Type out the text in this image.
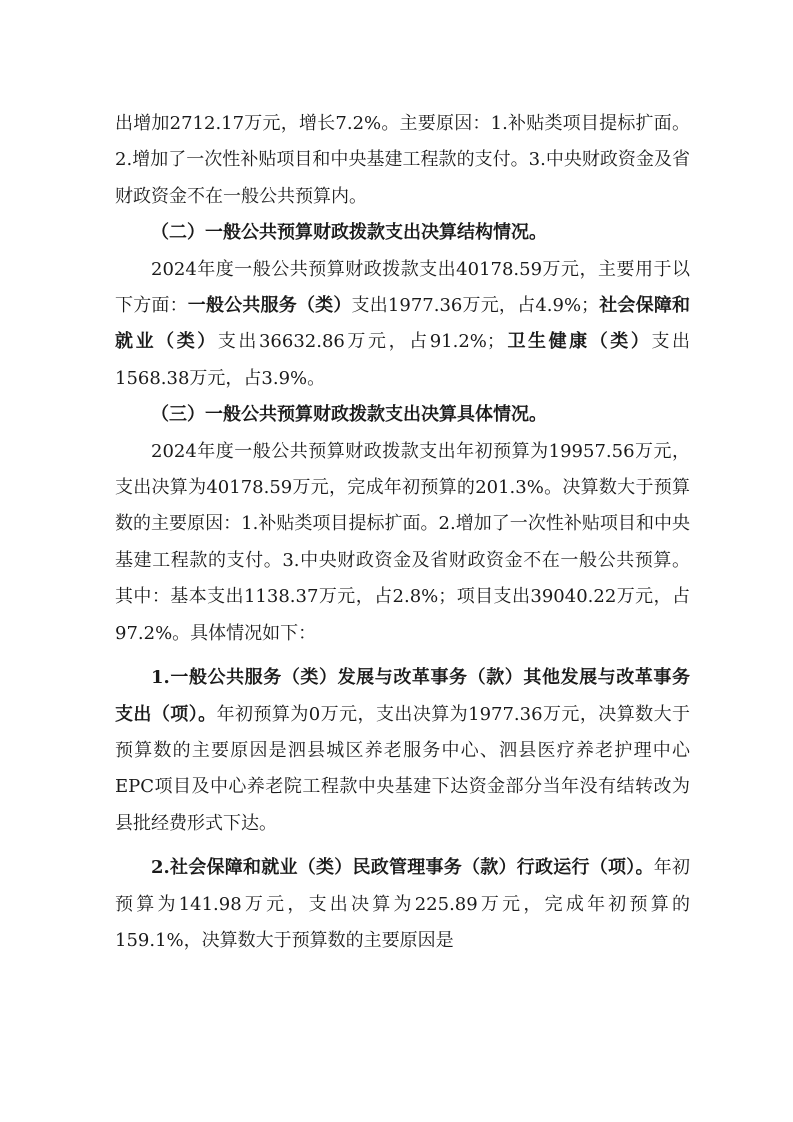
出增加2712.17万元，增长7.2%。主要原因：1.补贴类项目提标扩面。2.增加了一次性补贴项目和中央基建工程款的支付。3.中央财政资金及省财政资金不在一般公共预算内。

（二）一般公共预算财政拨款支出决算结构情况。

2024年度一般公共预算财政拨款支出40178.59万元，主要用于以下方面：一般公共服务（类）支出1977.36万元，占4.9%；社会保障和就业（类）支出36632.86万元，占91.2%；卫生健康（类）支出1568.38万元，占3.9%。

（三）一般公共预算财政拨款支出决算具体情况。

2024年度一般公共预算财政拨款支出年初预算为19957.56万元，支出决算为40178.59万元，完成年初预算的201.3%。决算数大于预算数的主要原因：1.补贴类项目提标扩面。2.增加了一次性补贴项目和中央基建工程款的支付。3.中央财政资金及省财政资金不在一般公共预算。其中：基本支出1138.37万元，占2.8%；项目支出39040.22万元，占97.2%。具体情况如下：

1.一般公共服务（类）发展与改革事务（款）其他发展与改革事务支出（项）。年初预算为0万元，支出决算为1977.36万元，决算数大于预算数的主要原因是泗县城区养老服务中心、泗县医疗养老护理中心EPC项目及中心养老院工程款中央基建下达资金部分当年没有结转改为县批经费形式下达。

2.社会保障和就业（类）民政管理事务（款）行政运行（项）。年初预算为141.98万元，支出决算为225.89万元，完成年初预算的159.1%，决算数大于预算数的主要原因是
